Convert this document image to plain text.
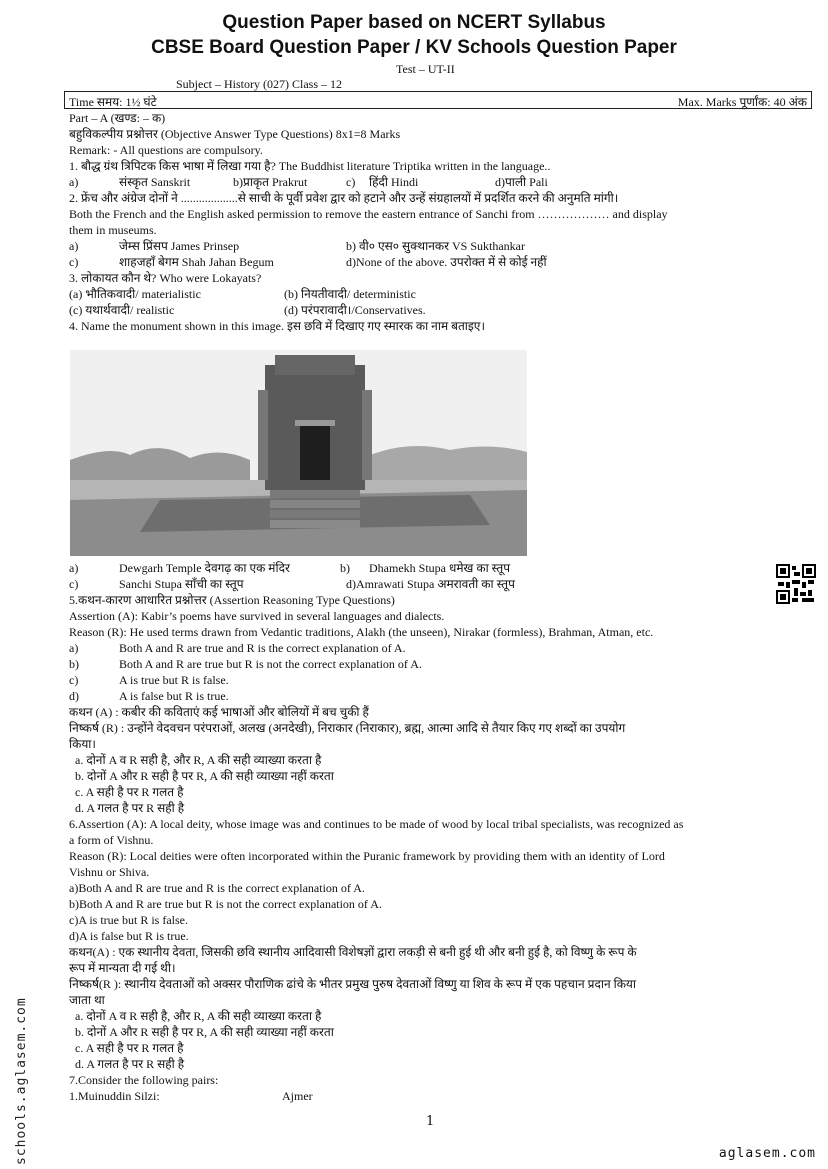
Question Paper based on NCERT Syllabus
CBSE Board Question Paper / KV Schools Question Paper
Test – UT-II
Subject – History (027) Class – 12
Time समय: 1½ घंटे	Max. Marks पूर्णांक: 40 अंक
Part – A (खण्ड: – क)
बहुविकल्पीय प्रश्नोत्तर (Objective Answer Type Questions) 8x1=8 Marks
Remark: - All questions are compulsory.
1. बौद्ध ग्रंथ त्रिपिटक किस भाषा में लिखा गया है? The Buddhist literature Triptika written in the language..
a)	संस्कृत Sanskrit	b)प्राकृत Prakrut	c) हिंदी Hindi	d)पाली Pali
2. फ्रेंच और अंग्रेज दोनों ने ...................से साची के पूर्वी प्रवेश द्वार को हटाने और उन्हें संग्रहालयों में प्रदर्शित करने की अनुमति मांगी।
Both the French and the English asked permission to remove the eastern entrance of Sanchi from ……………… and display
them in museums.
a)	जेम्स प्रिंसप James Prinsep	b) वी० एस० सुक्थानकर VS Sukthankar
c)	शाहजहाँ बेगम Shah Jahan Begum	d)None of the above. उपरोक्त में से कोई नहीं
3. लोकायत कौन थे? Who were Lokayats?
(a) भौतिकवादी/ materialistic	(b) नियतीवादी/ deterministic
(c) यथार्थवादी/ realistic	(d) परंपरावादी।/Conservatives.
4. Name the monument shown in this image. इस छवि में दिखाए गए स्मारक का नाम बताइए।
a)	Dewgarh Temple देवगढ़ का एक मंदिर	b) Dhamekh Stupa धमेख का स्तूप
c)	Sanchi Stupa साँची का स्तूप	d)Amrawati Stupa अमरावती का स्तूप
5.कथन-कारण आधारित प्रश्नोत्तर (Assertion Reasoning Type Questions)
Assertion (A): Kabir’s poems have survived in several languages and dialects.
Reason (R): He used terms drawn from Vedantic traditions, Alakh (the unseen), Nirakar (formless), Brahman, Atman, etc.
a)	Both A and R are true and R is the correct explanation of A.
b)	Both A and R are true but R is not the correct explanation of A.
c)	A is true but R is false.
d)	A is false but R is true.
कथन (A) : कबीर की कविताएं कई भाषाओं और बोलियों में बच चुकी हैं
निष्कर्ष (R) : उन्होंने वेदवचन परंपराओं, अलख (अनदेखी), निराकार (निराकार), ब्रह्म, आत्मा आदि से तैयार किए गए शब्दों का उपयोग
किया।
a. दोनों A व R सही है, और R, A की सही व्याख्या करता है
b. दोनों A और R सही है पर R, A की सही व्याख्या नहीं करता
c. A सही है पर R गलत है
d. A गलत है पर R सही है
6.Assertion (A): A local deity, whose image was and continues to be made of wood by local tribal specialists, was recognized as
a form of Vishnu.
Reason (R): Local deities were often incorporated within the Puranic framework by providing them with an identity of Lord
Vishnu or Shiva.
a)Both A and R are true and R is the correct explanation of A.
b)Both A and R are true but R is not the correct explanation of A.
c)A is true but R is false.
d)A is false but R is true.
कथन(A) : एक स्थानीय देवता, जिसकी छवि स्थानीय आदिवासी विशेषज्ञों द्वारा लकड़ी से बनी हुई थी और बनी हुई है, को विष्णु के रूप के
रूप में मान्यता दी गई थी।
निष्कर्ष(R ): स्थानीय देवताओं को अक्सर पौराणिक ढांचे के भीतर प्रमुख पुरुष देवताओं विष्णु या शिव के रूप में एक पहचान प्रदान किया
जाता था
a. दोनों A व R सही है, और R, A की सही व्याख्या करता है
b. दोनों A और R सही है पर R, A की सही व्याख्या नहीं करता
c. A सही है पर R गलत है
d. A गलत है पर R सही है
7.Consider the following pairs:
1.Muinuddin Silzi:	Ajmer
1
aglasem.com
schools.aglasem.com
